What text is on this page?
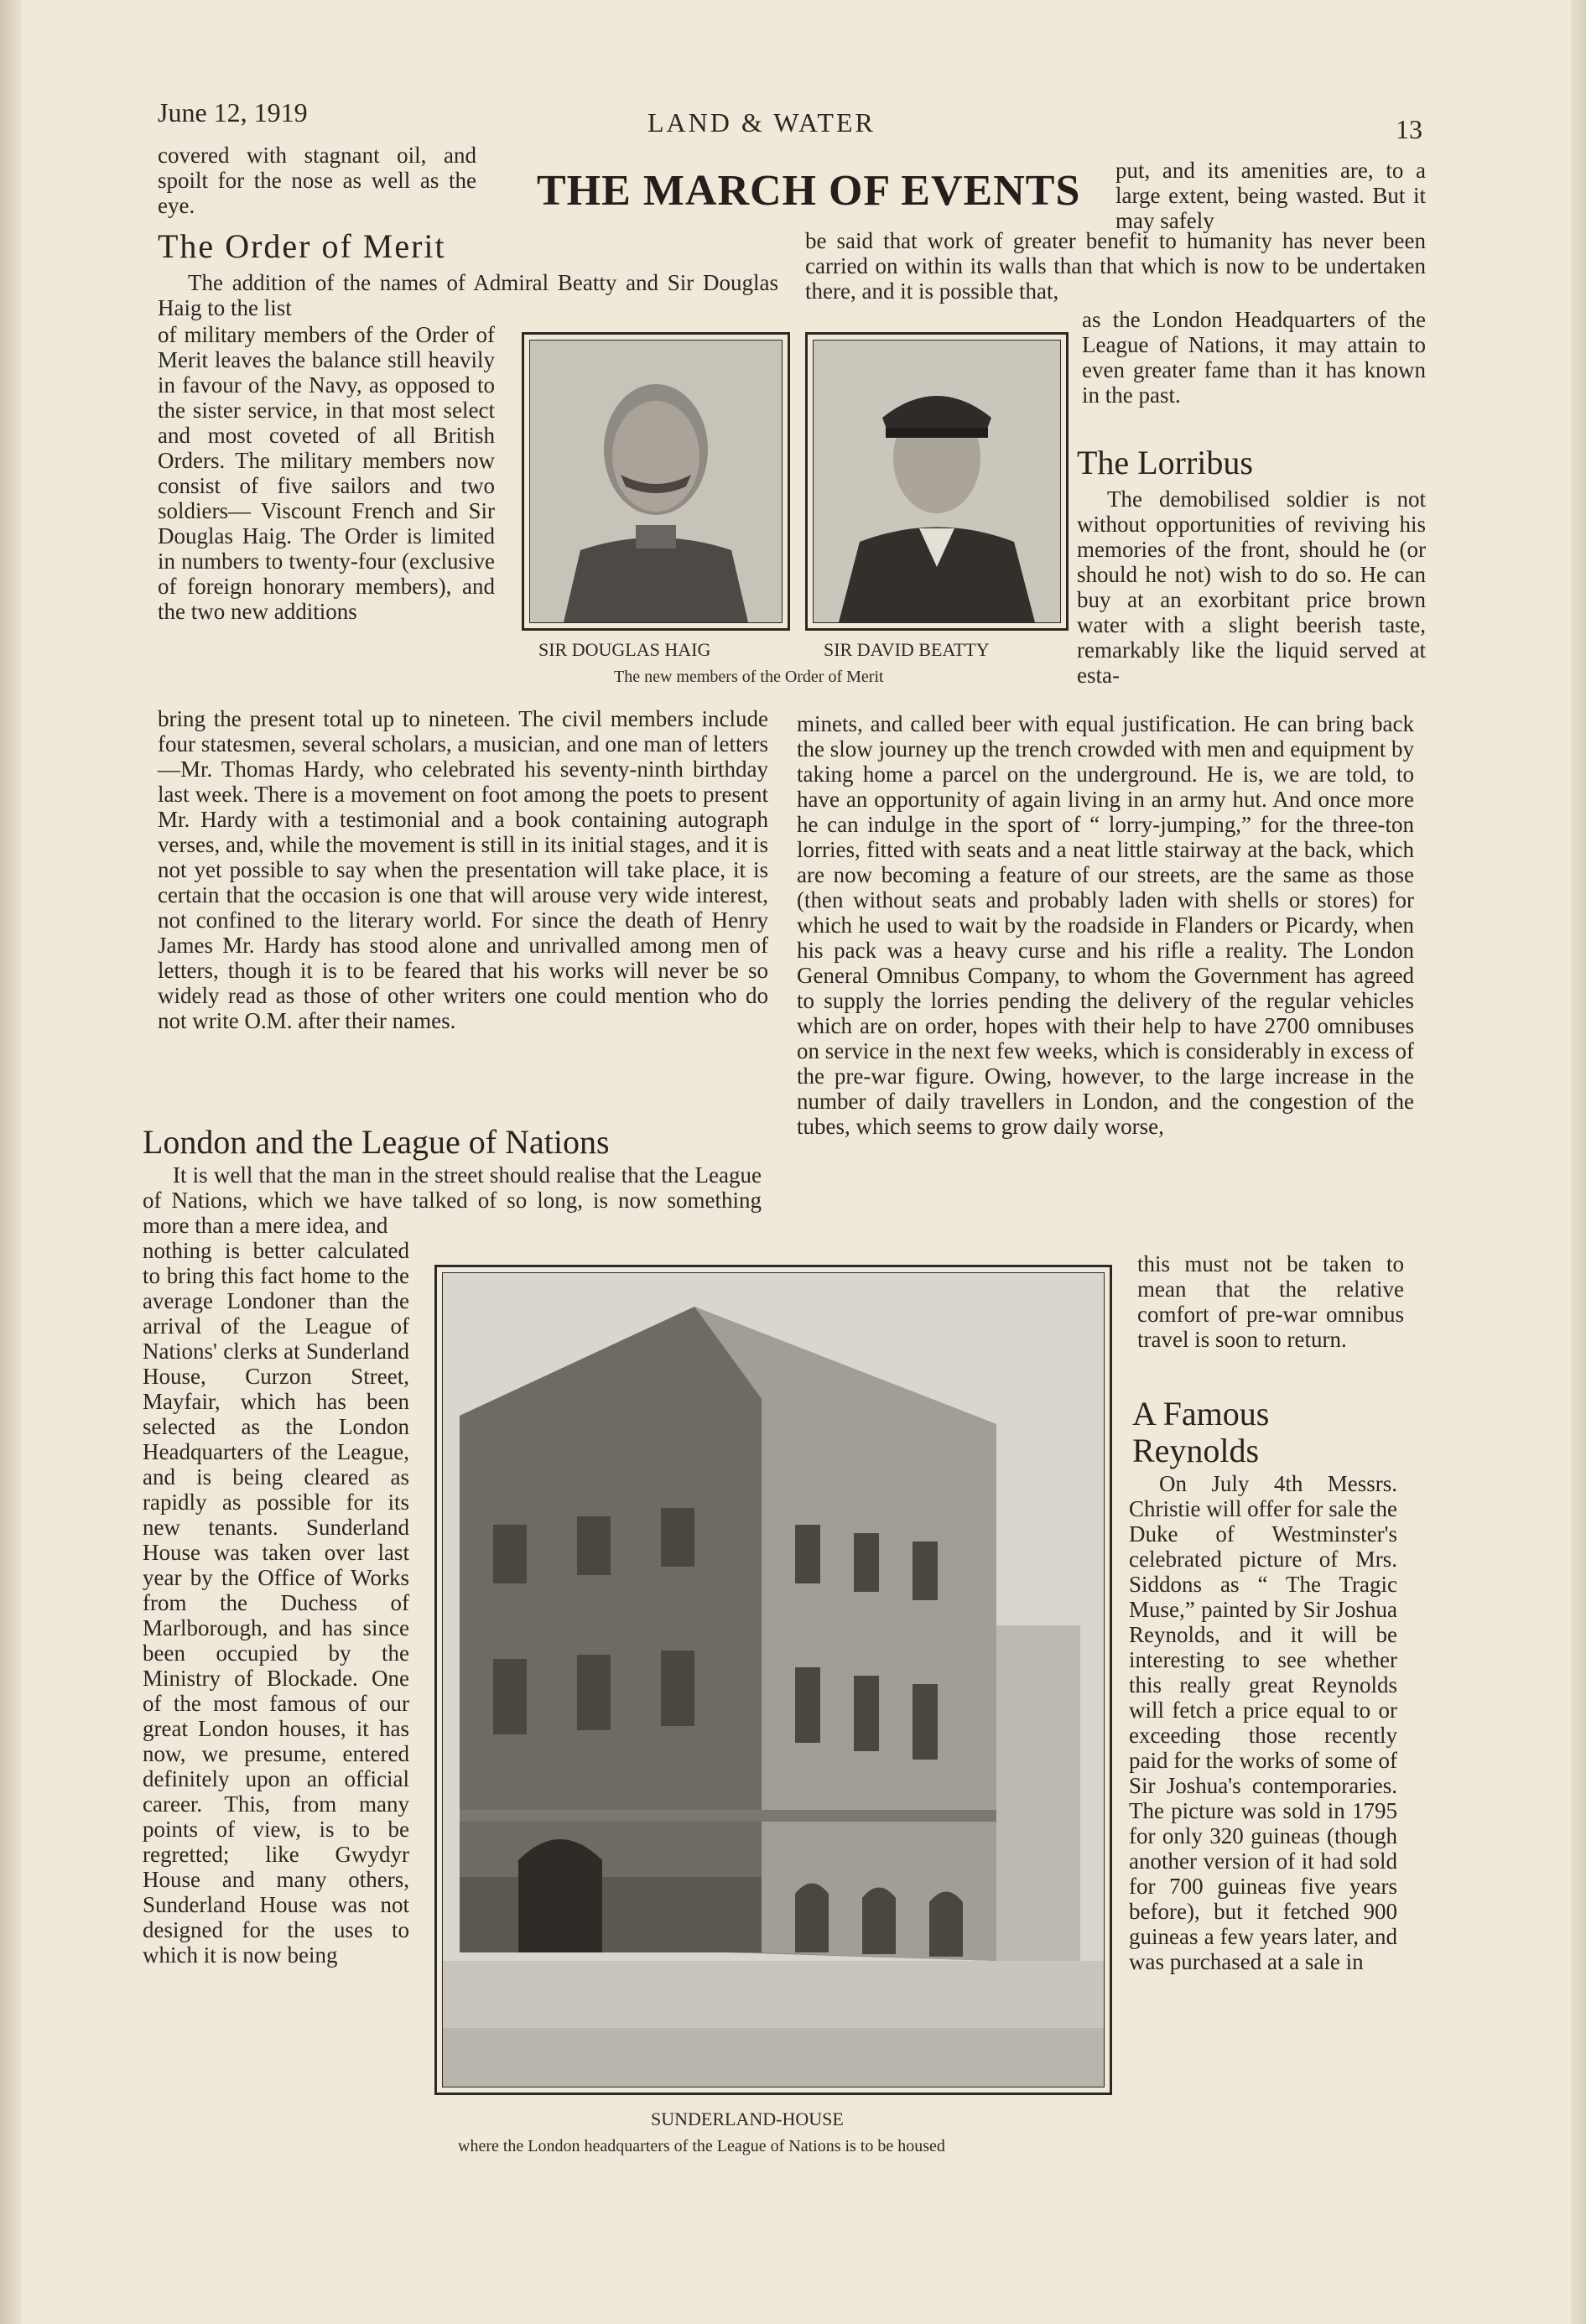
June 12, 1919	LAND & WATER	13
THE MARCH OF EVENTS

covered with stagnant oil, and spoilt for the nose as well as the eye.

The Order of Merit

The addition of the names of Admiral Beatty and Sir Douglas Haig to the list

of military members of the Order of Merit leaves the balance still heavily in favour of the Navy, as opposed to the sister service, in that most select and most coveted of all British Orders. The military members now consist of five sailors and two soldiers— Viscount French and Sir Douglas Haig. The Order is limited in numbers to twenty-four (exclusive of foreign honorary members), and the two new additions

bring the present total up to nineteen. The civil members include four statesmen, several scholars, a musician, and one man of letters—Mr. Thomas Hardy, who celebrated his seventy-ninth birthday last week. There is a movement on foot among the poets to present Mr. Hardy with a testimonial and a book containing autograph verses, and, while the movement is still in its initial stages, and it is not yet possible to say when the presentation will take place, it is certain that the occasion is one that will arouse very wide interest, not confined to the literary world. For since the death of Henry James Mr. Hardy has stood alone and unrivalled among men of letters, though it is to be feared that his works will never be so widely read as those of other writers one could mention who do not write O.M. after their names.

SIR DOUGLAS HAIG	SIR DAVID BEATTY
The new members of the Order of Merit

put, and its amenities are, to a large extent, being wasted. But it may safely

be said that work of greater benefit to humanity has never been carried on within its walls than that which is now to be undertaken there, and it is possible that,

as the London Headquarters of the League of Nations, it may attain to even greater fame than it has known in the past.

The Lorribus

The demobilised soldier is not without opportunities of reviving his memories of the front, should he (or should he not) wish to do so. He can buy at an exorbitant price brown water with a slight beerish taste, remarkably like the liquid served at esta-

minets, and called beer with equal justification. He can bring back the slow journey up the trench crowded with men and equipment by taking home a parcel on the underground. He is, we are told, to have an opportunity of again living in an army hut. And once more he can indulge in the sport of “ lorry-jumping,” for the three-ton lorries, fitted with seats and a neat little stairway at the back, which are now becoming a feature of our streets, are the same as those (then without seats and probably laden with shells or stores) for which he used to wait by the roadside in Flanders or Picardy, when his pack was a heavy curse and his rifle a reality. The London General Omnibus Company, to whom the Government has agreed to supply the lorries pending the delivery of the regular vehicles which are on order, hopes with their help to have 2700 omnibuses on service in the next few weeks, which is considerably in excess of the pre-war figure. Owing, however, to the large increase in the number of daily travellers in London, and the congestion of the tubes, which seems to grow daily worse,

this must not be taken to mean that the relative comfort of pre-war omnibus travel is soon to return.

London and the League of Nations

It is well that the man in the street should realise that the League of Nations, which we have talked of so long, is now something more than a mere idea, and

nothing is better calculated to bring this fact home to the average Londoner than the arrival of the League of Nations' clerks at Sunderland House, Curzon Street, Mayfair, which has been selected as the London Headquarters of the League, and is being cleared as rapidly as possible for its new tenants. Sunderland House was taken over last year by the Office of Works from the Duchess of Marlborough, and has since been occupied by the Ministry of Blockade. One of the most famous of our great London houses, it has now, we presume, entered definitely upon an official career. This, from many points of view, is to be regretted; like Gwydyr House and many others, Sunderland House was not designed for the uses to which it is now being

SUNDERLAND-HOUSE
where the London headquarters of the League of Nations is to be housed
A Famous Reynolds

On July 4th Messrs. Christie will offer for sale the Duke of Westminster's celebrated picture of Mrs. Siddons as “ The Tragic Muse,” painted by Sir Joshua Reynolds, and it will be interesting to see whether this really great Reynolds will fetch a price equal to or exceeding those recently paid for the works of some of Sir Joshua's contemporaries. The picture was sold in 1795 for only 320 guineas (though another version of it had sold for 700 guineas five years before), but it fetched 900 guineas a few years later, and was purchased at a sale in
